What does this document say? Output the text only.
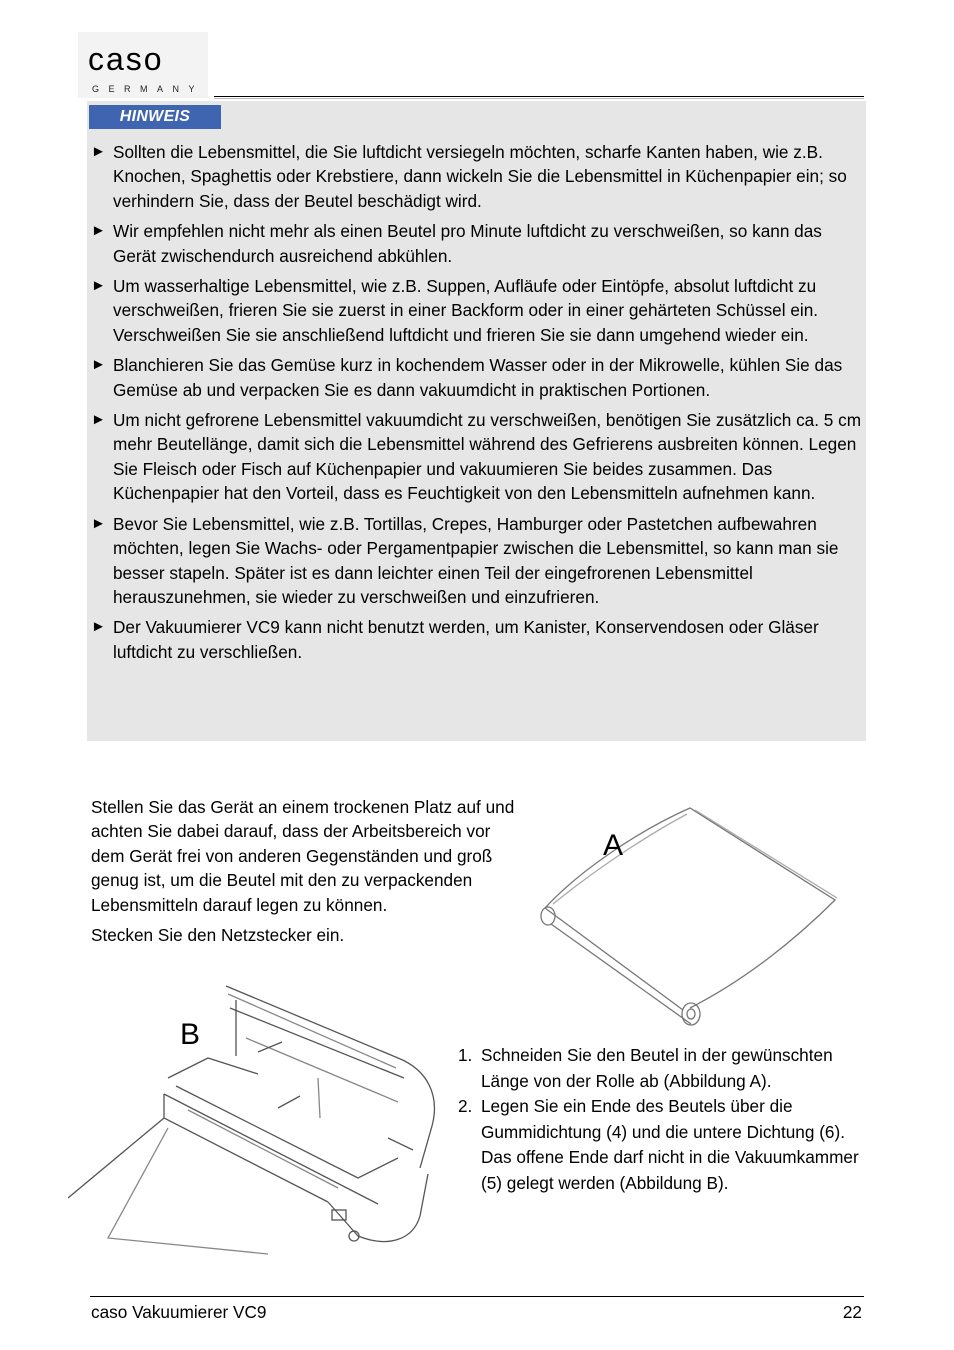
caso
GERMANY
HINWEIS
► Sollten die Lebensmittel, die Sie luftdicht versiegeln möchten, scharfe Kanten haben, wie z.B. Knochen, Spaghettis oder Krebstiere, dann wickeln Sie die Lebensmittel in Küchenpapier ein; so verhindern Sie, dass der Beutel beschädigt wird.
► Wir empfehlen nicht mehr als einen Beutel pro Minute luftdicht zu verschweißen, so kann das Gerät zwischendurch ausreichend abkühlen.
► Um wasserhaltige Lebensmittel, wie z.B. Suppen, Aufläufe oder Eintöpfe, absolut luftdicht zu verschweißen, frieren Sie sie zuerst in einer Backform oder in einer gehärteten Schüssel ein. Verschweißen Sie sie anschließend luftdicht und frieren Sie sie dann umgehend wieder ein.
► Blanchieren Sie das Gemüse kurz in kochendem Wasser oder in der Mikrowelle, kühlen Sie das Gemüse ab und verpacken Sie es dann vakuumdicht in praktischen Portionen.
► Um nicht gefrorene Lebensmittel vakuumdicht zu verschweißen, benötigen Sie zusätzlich ca. 5 cm mehr Beutellänge, damit sich die Lebensmittel während des Gefrierens ausbreiten können. Legen Sie Fleisch oder Fisch auf Küchenpapier und vakuumieren Sie beides zusammen. Das Küchenpapier hat den Vorteil, dass es Feuchtigkeit von den Lebensmitteln aufnehmen kann.
► Bevor Sie Lebensmittel, wie z.B. Tortillas, Crepes, Hamburger oder Pastetchen aufbewahren möchten, legen Sie Wachs- oder Pergamentpapier zwischen die Lebensmittel, so kann man sie besser stapeln. Später ist es dann leichter einen Teil der eingefrorenen Lebensmittel herauszunehmen, sie wieder zu verschweißen und einzufrieren.
► Der Vakuumierer VC9 kann nicht benutzt werden, um Kanister, Konservendosen oder Gläser luftdicht zu verschließen.

Stellen Sie das Gerät an einem trockenen Platz auf und achten Sie dabei darauf, dass der Arbeitsbereich vor dem Gerät frei von anderen Gegenständen und groß genug ist, um die Beutel mit den zu verpackenden Lebensmitteln darauf legen zu können.

Stecken Sie den Netzstecker ein.

A
B
1. Schneiden Sie den Beutel in der gewünschten Länge von der Rolle ab (Abbildung A).
2. Legen Sie ein Ende des Beutels über die Gummidichtung (4) und die untere Dichtung (6). Das offene Ende darf nicht in die Vakuumkammer (5) gelegt werden (Abbildung B).
caso Vakuumierer VC9	22
